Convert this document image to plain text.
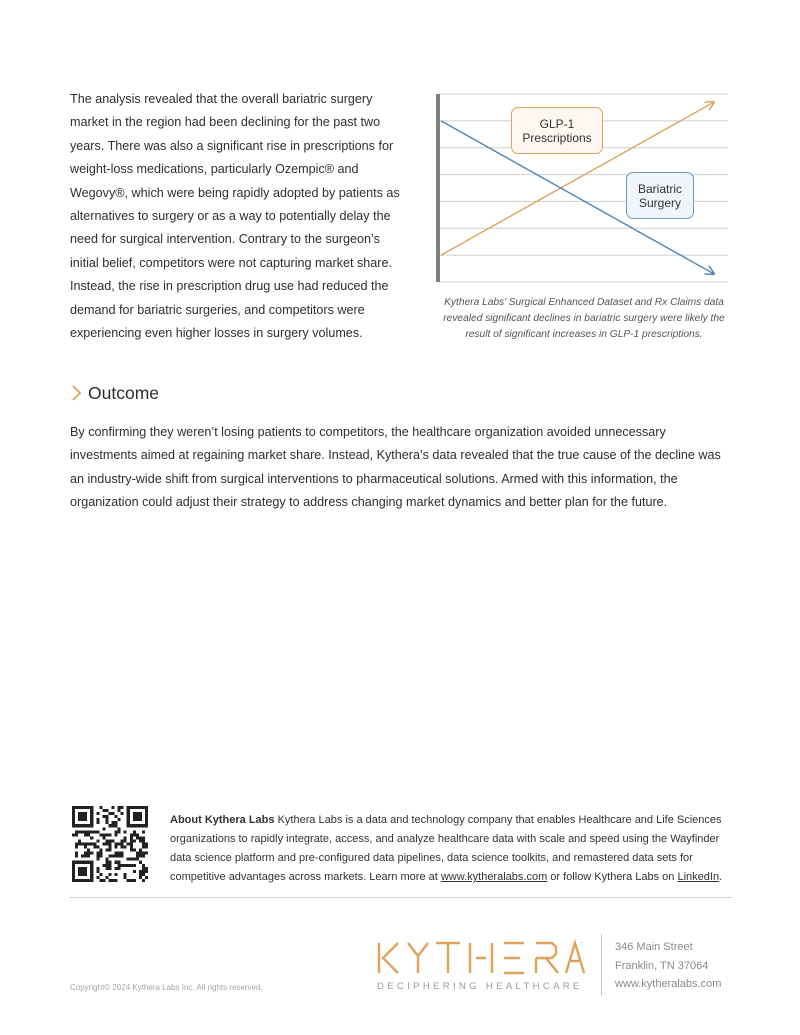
The analysis revealed that the overall bariatric surgery market in the region had been declining for the past two years. There was also a significant rise in prescriptions for weight-loss medications, particularly Ozempic® and Wegovy®, which were being rapidly adopted by patients as alternatives to surgery or as a way to potentially delay the need for surgical intervention. Contrary to the surgeon’s initial belief, competitors were not capturing market share. Instead, the rise in prescription drug use had reduced the demand for bariatric surgeries, and competitors were experiencing even higher losses in surgery volumes.
GLP-1
Prescriptions
Bariatric
Surgery
Kythera Labs’ Surgical Enhanced Dataset and Rx Claims data revealed significant declines in bariatric surgery were likely the result of significant increases in GLP-1 prescriptions.
Outcome
By confirming they weren’t losing patients to competitors, the healthcare organization avoided unnecessary investments aimed at regaining market share. Instead, Kythera’s data revealed that the true cause of the decline was an industry-wide shift from surgical interventions to pharmaceutical solutions. Armed with this information, the organization could adjust their strategy to address changing market dynamics and better plan for the future.
About Kythera Labs Kythera Labs is a data and technology company that enables Healthcare and Life Sciences organizations to rapidly integrate, access, and analyze healthcare data with scale and speed using the Wayfinder data science platform and pre-configured data pipelines, data science toolkits, and remastered data sets for competitive advantages across markets. Learn more at www.kytheralabs.com or follow Kythera Labs on LinkedIn.
™
DECIPHERING HEALTHCARE
346 Main Street
Franklin, TN 37064
www.kytheralabs.com
Copyright© 2024 Kythera Labs Inc. All rights reserved.
